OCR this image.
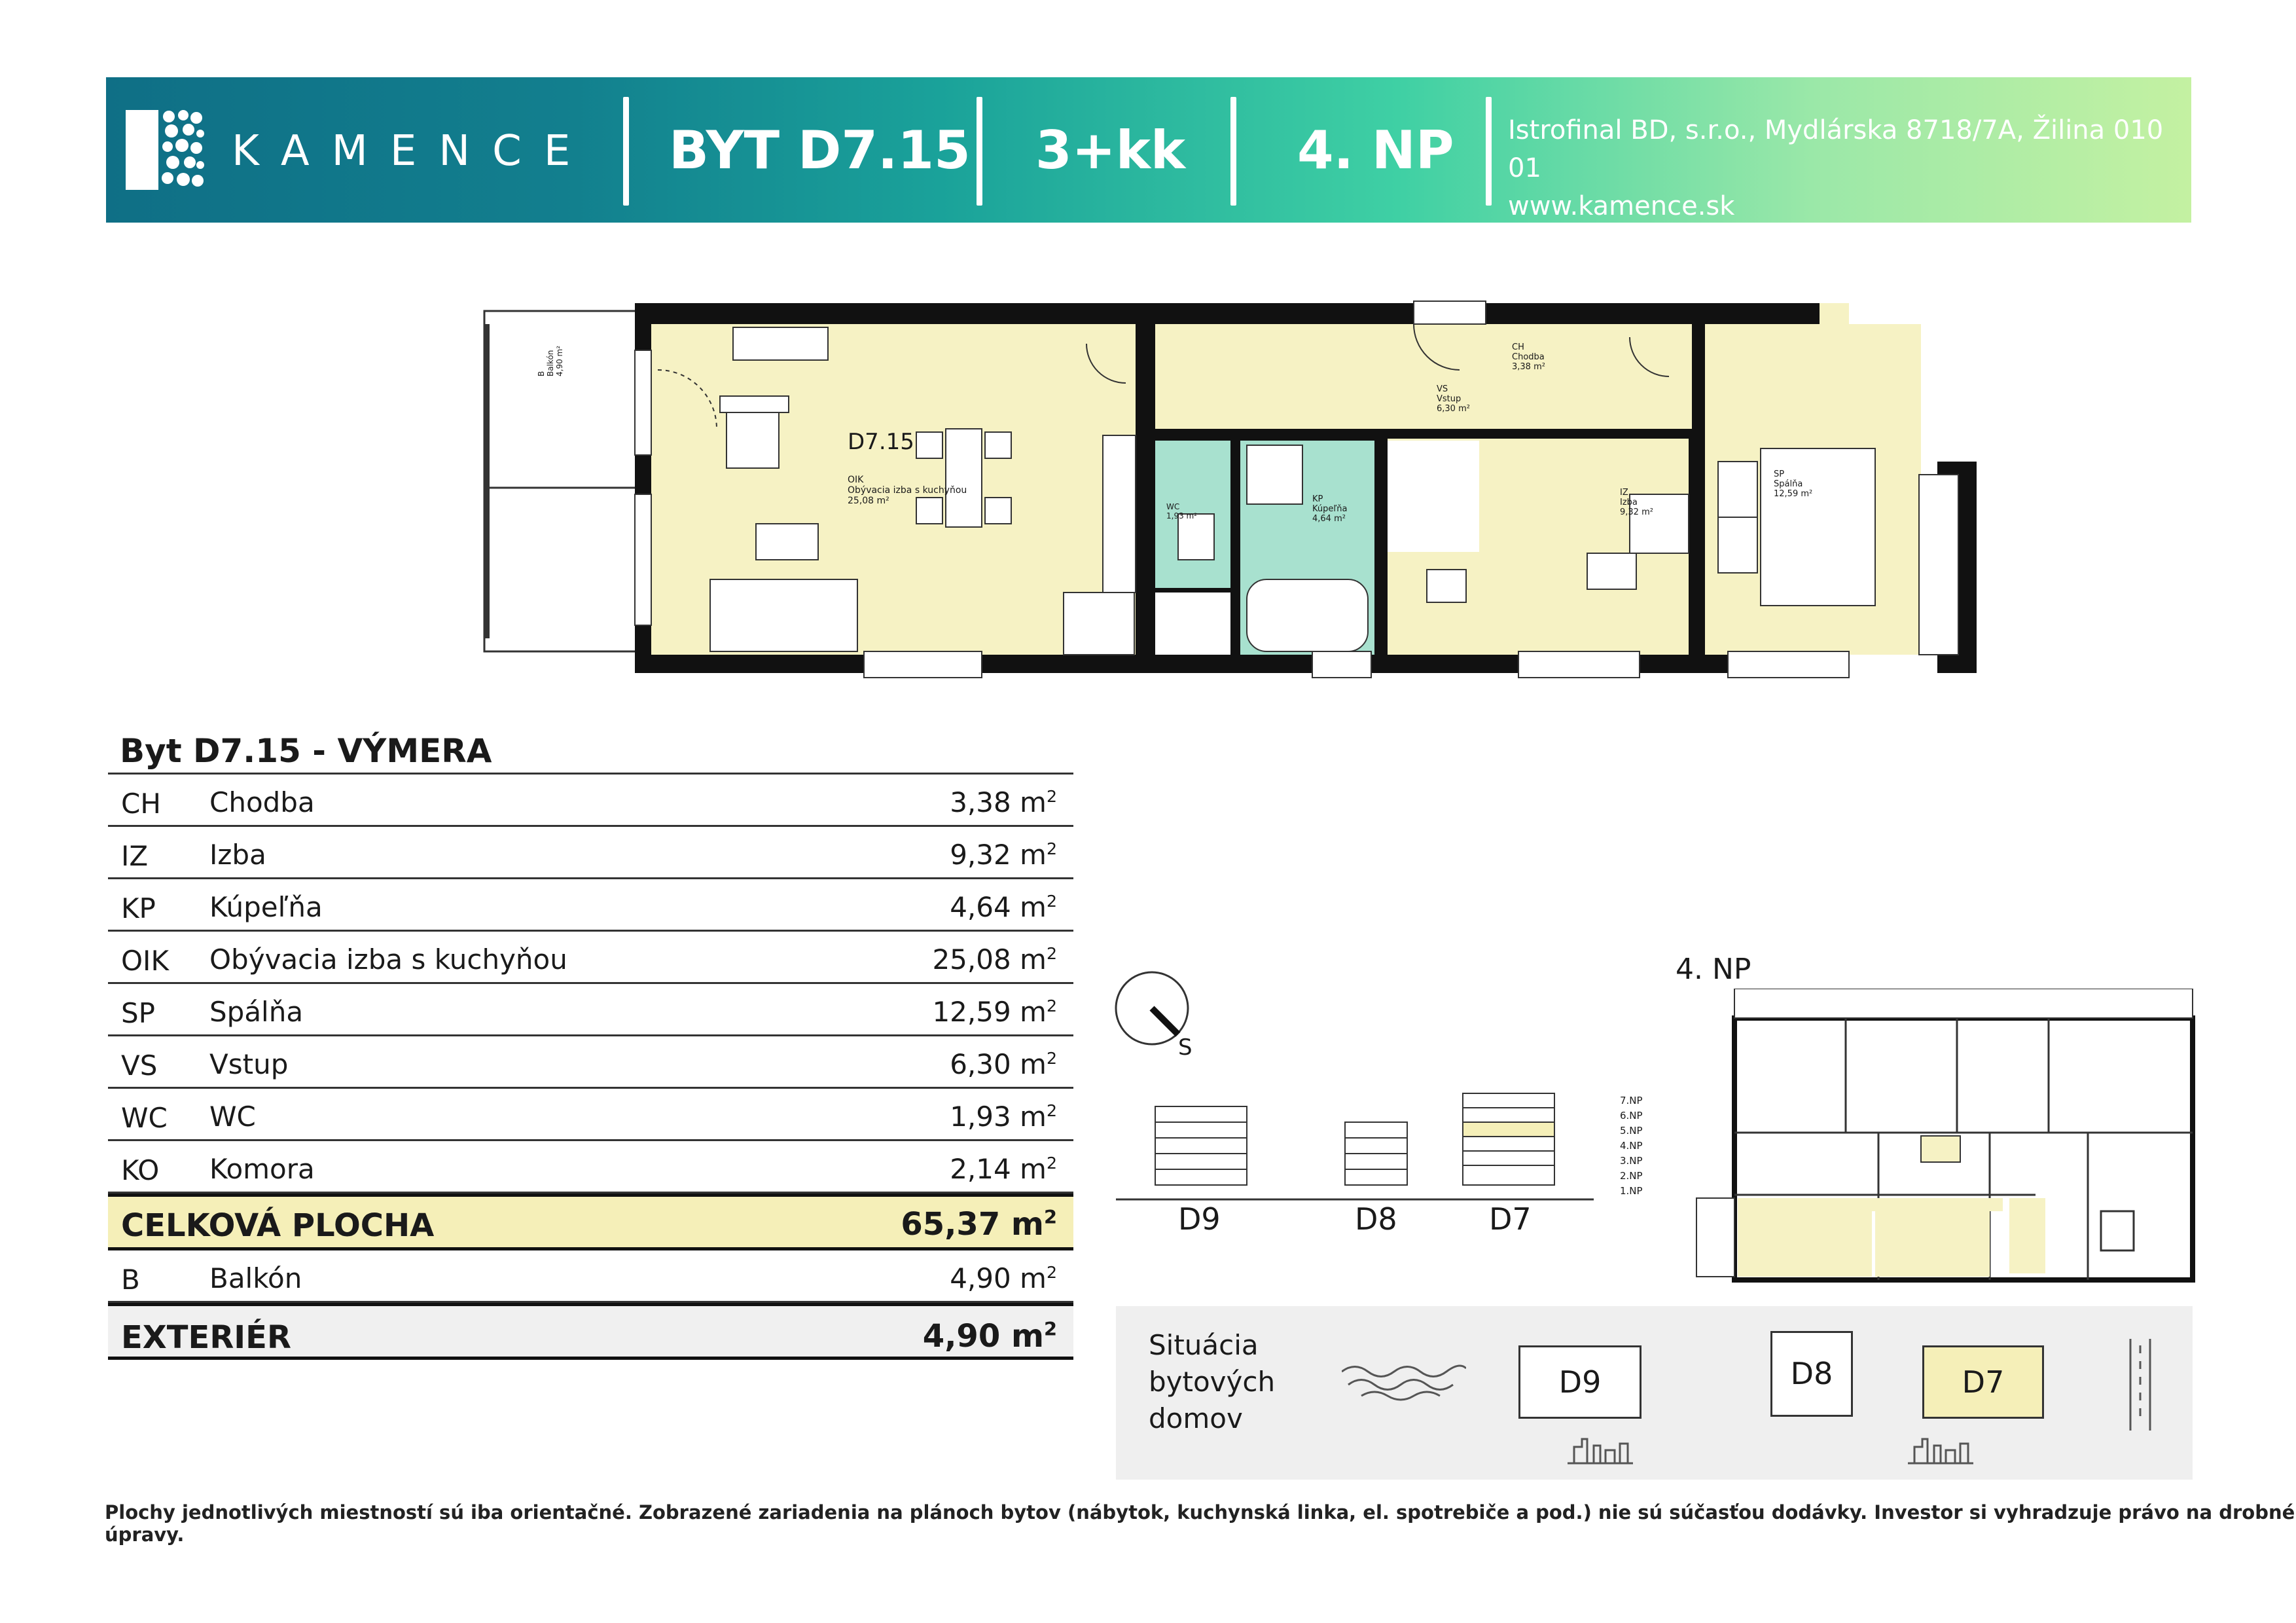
KAMENCE BYT D7.15 3+kk 4. NP Istrofinal BD, s.r.o., Mydlárska 8718/7A, Žilina 010 01
www.kamence.sk
D7.15
OIK
Obývacia izba s kuchyňou
25,08 m²
WC
1,93 m²
KP
Kúpeľňa
4,64 m²
VS
Vstup
6,30 m²
CH
Chodba
3,38 m²
IZ
Izba
9,32 m²
SP
Spálňa
12,59 m²
B Balkón 4,90 m²
Byt D7.15 - VÝMERA
CH Chodba	3,38 $m^2$
IZ Izba	9,32 $m^2$
KP Kúpeľňa	4,64 $m^2$
OIK Obývacia izba s kuchyňou	25,08 $m^2$
SP Spálňa	12,59 $m^2$
VS Vstup	6,30 $m^2$
WC WC	1,93 $m^2$
KO Komora	2,14 $m^2$
CELKOVÁ PLOCHA	65,37 $m^2$
B	Balkón	4,90 $m^2$
EXTERIÉR	4,90 $m^2$
S
7.NP
6.NP
5.NP
4.NP
3.NP
2.NP
1.NP
D9	D8	D7
4. NP
Situácia
bytových
domov
D9	D8	D7
Plochy jednotlivých miestností sú iba orientačné. Zobrazené zariadenia na plánoch bytov (nábytok, kuchynská linka, el. spotrebiče a pod.) nie sú súčasťou dodávky. Investor si vyhradzuje právo na drobné úpravy.
